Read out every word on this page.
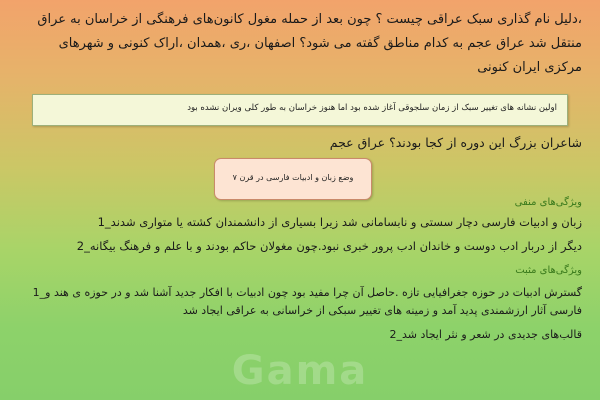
،دلیل نام گذاری سبک عراقی چیست ؟ چون بعد از حمله مغول کانون‌های فرهنگی از خراسان به عراق منتقل شد عراق عجم به کدام مناطق گفته می شود؟ اصفهان ،ری ،همدان ،اراک کنونی و شهرهای مرکزی ایران کنونی
اولین نشانه های تغییر سبک از زمان سلجوقی آغاز شده بود اما هنوز خراسان به طور کلی ویران نشده بود
شاعران بزرگ این دوره از کجا بودند؟ عراق عجم
وضع زبان و ادبیات فارسی در قرن ۷
ویژگی‌های منفی
زبان و ادبیات فارسی دچار سستی و نابسامانی شد زیرا بسیاری از دانشمندان کشته یا متواری شدند_1
دیگر از دربار ادب دوست و خاندان ادب پرور خبری نبود.چون مغولان حاکم بودند و با علم و فرهنگ بیگانه_2
ویژگی‌های مثبت
گسترش ادبیات در حوزه جغرافیایی تازه .حاصل آن چرا مفید بود چون ادبیات با افکار جدید آشنا شد و در حوزه ی هند و_1 فارسی آثار ارزشمندی پدید آمد و زمینه های تغییر سبکی از خراسانی به عراقی ایجاد شد
قالب‌های جدیدی در شعر و نثر ایجاد شد_2
Gama
